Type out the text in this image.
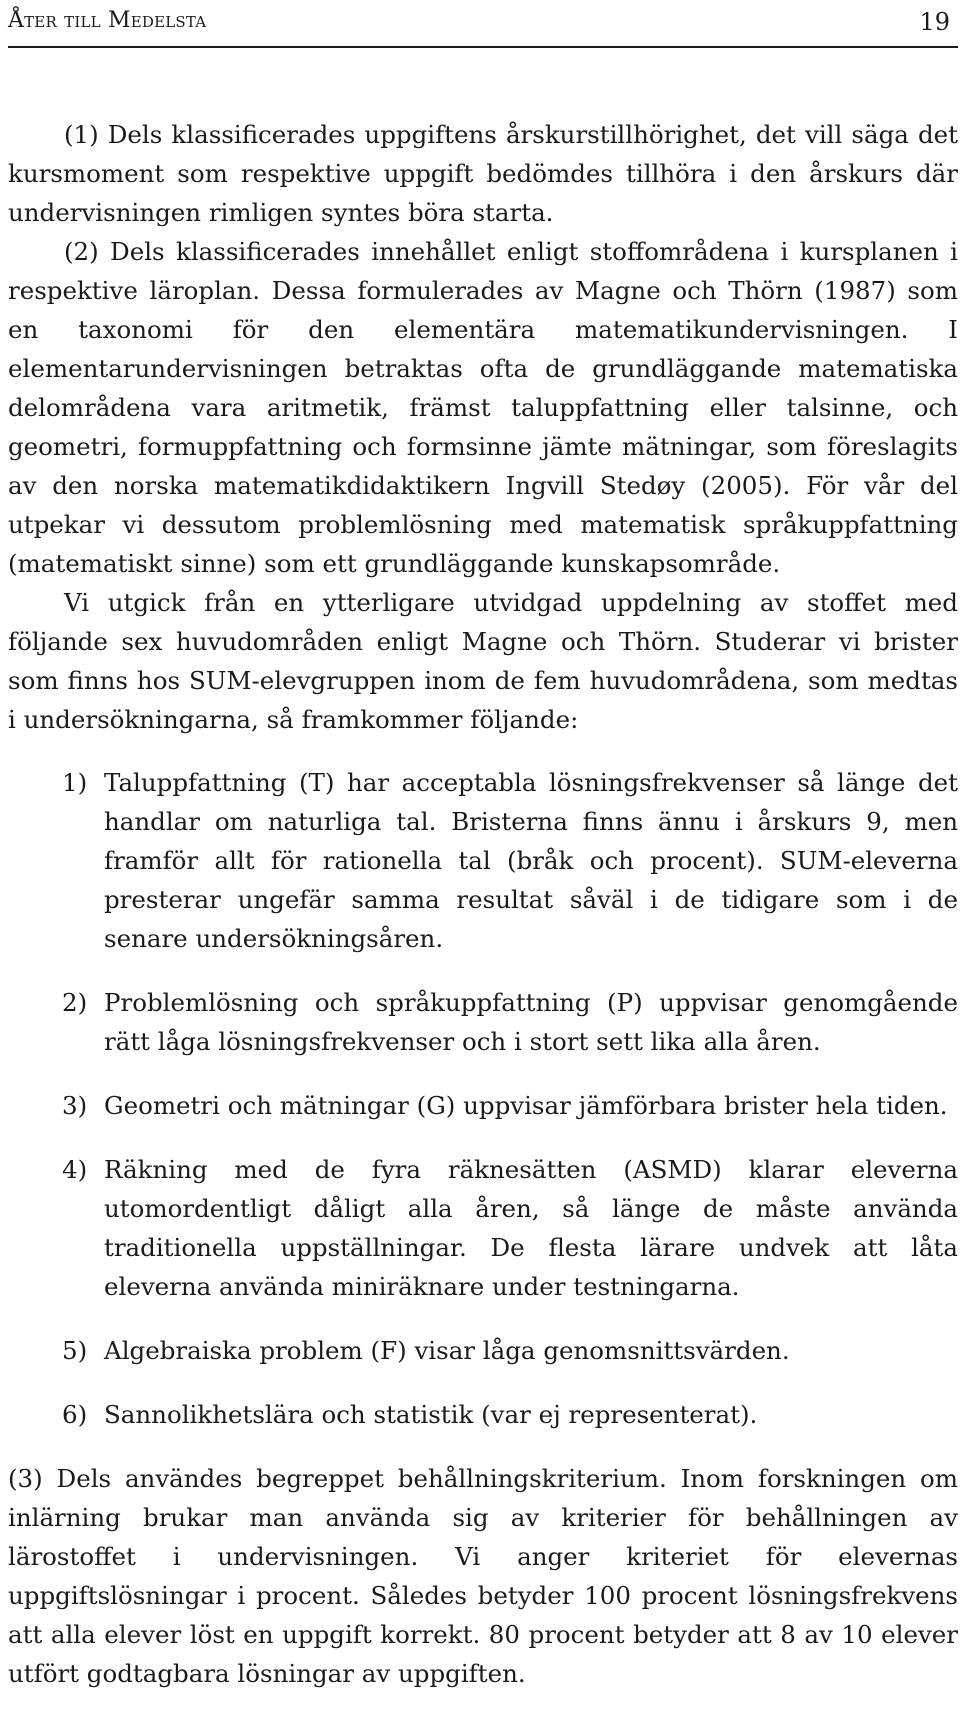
Åter till Medelsta	19

(1) Dels klassificerades uppgiftens årskurstillhörighet, det vill säga det kursmoment som respektive uppgift bedömdes tillhöra i den årskurs där undervisningen rimligen syntes böra starta.

(2) Dels klassificerades innehållet enligt stoffområdena i kursplanen i respektive läroplan. Dessa formulerades av Magne och Thörn (1987) som en taxonomi för den elementära matematikundervisningen. I elementarundervisningen betraktas ofta de grundläggande matematiska delområdena vara aritmetik, främst taluppfattning eller talsinne, och geometri, formuppfattning och formsinne jämte mätningar, som föreslagits av den norska matematikdidaktikern Ingvill Stedøy (2005). För vår del utpekar vi dessutom problemlösning med matematisk språkuppfattning (matematiskt sinne) som ett grundläggande kunskapsområde.

Vi utgick från en ytterligare utvidgad uppdelning av stoffet med följande sex huvudområden enligt Magne och Thörn. Studerar vi brister som finns hos SUM-elevgruppen inom de fem huvudområdena, som medtas i undersökningarna, så framkommer följande:

1) Taluppfattning (T) har acceptabla lösningsfrekvenser så länge det handlar om naturliga tal. Bristerna finns ännu i årskurs 9, men framför allt för rationella tal (bråk och procent). SUM-eleverna presterar ungefär samma resultat såväl i de tidigare som i de senare undersökningsåren.
2) Problemlösning och språkuppfattning (P) uppvisar genomgående rätt låga lösningsfrekvenser och i stort sett lika alla åren.
3) Geometri och mätningar (G) uppvisar jämförbara brister hela tiden.
4) Räkning med de fyra räknesätten (ASMD) klarar eleverna utomordentligt dåligt alla åren, så länge de måste använda traditionella uppställningar. De flesta lärare undvek att låta eleverna använda miniräknare under testningarna.
5) Algebraiska problem (F) visar låga genomsnittsvärden.
6) Sannolikhetslära och statistik (var ej representerat).

(3) Dels användes begreppet behållningskriterium. Inom forskningen om inlärning brukar man använda sig av kriterier för behållningen av lärostoffet i undervisningen. Vi anger kriteriet för elevernas uppgiftslösningar i procent. Således betyder 100 procent lösningsfrekvens att alla elever löst en uppgift korrekt. 80 procent betyder att 8 av 10 elever utfört godtagbara lösningar av uppgiften.
